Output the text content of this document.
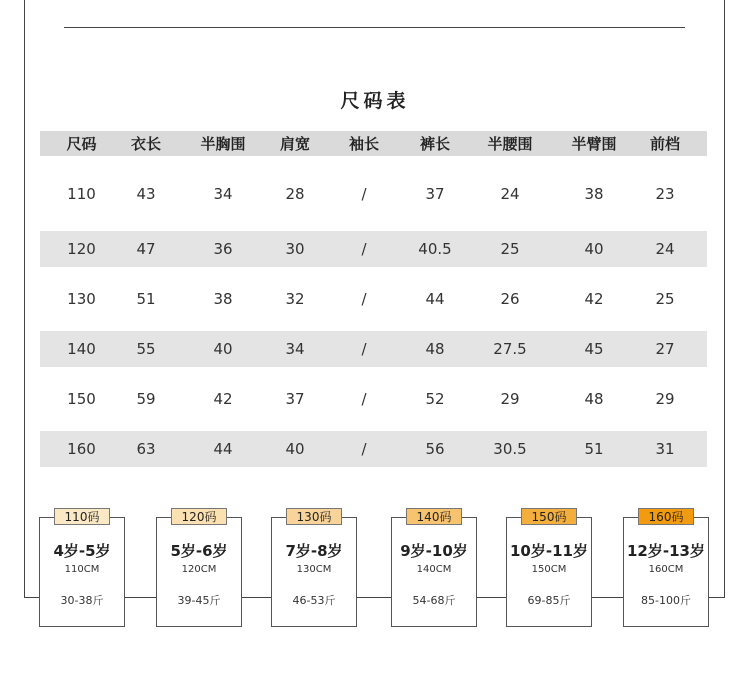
尺码表
尺码	衣长	半胸围	肩宽	袖长	裤长	半腰围	半臂围	前档
110	43	34	28	/	37	24	38	23
120	47	36	30	/	40.5	25	40	24
130	51	38	32	/	44	26	42	25
140	55	40	34	/	48	27.5	45	27
150	59	42	37	/	52	29	48	29
160	63	44	40	/	56	30.5	51	31
110码
4岁-5岁
110CM
30-38斤
120码
5岁-6岁
120CM
39-45斤
130码
7岁-8岁
130CM
46-53斤
140码
9岁-10岁
140CM
54-68斤
150码
10岁-11岁
150CM
69-85斤
160码
12岁-13岁
160CM
85-100斤
